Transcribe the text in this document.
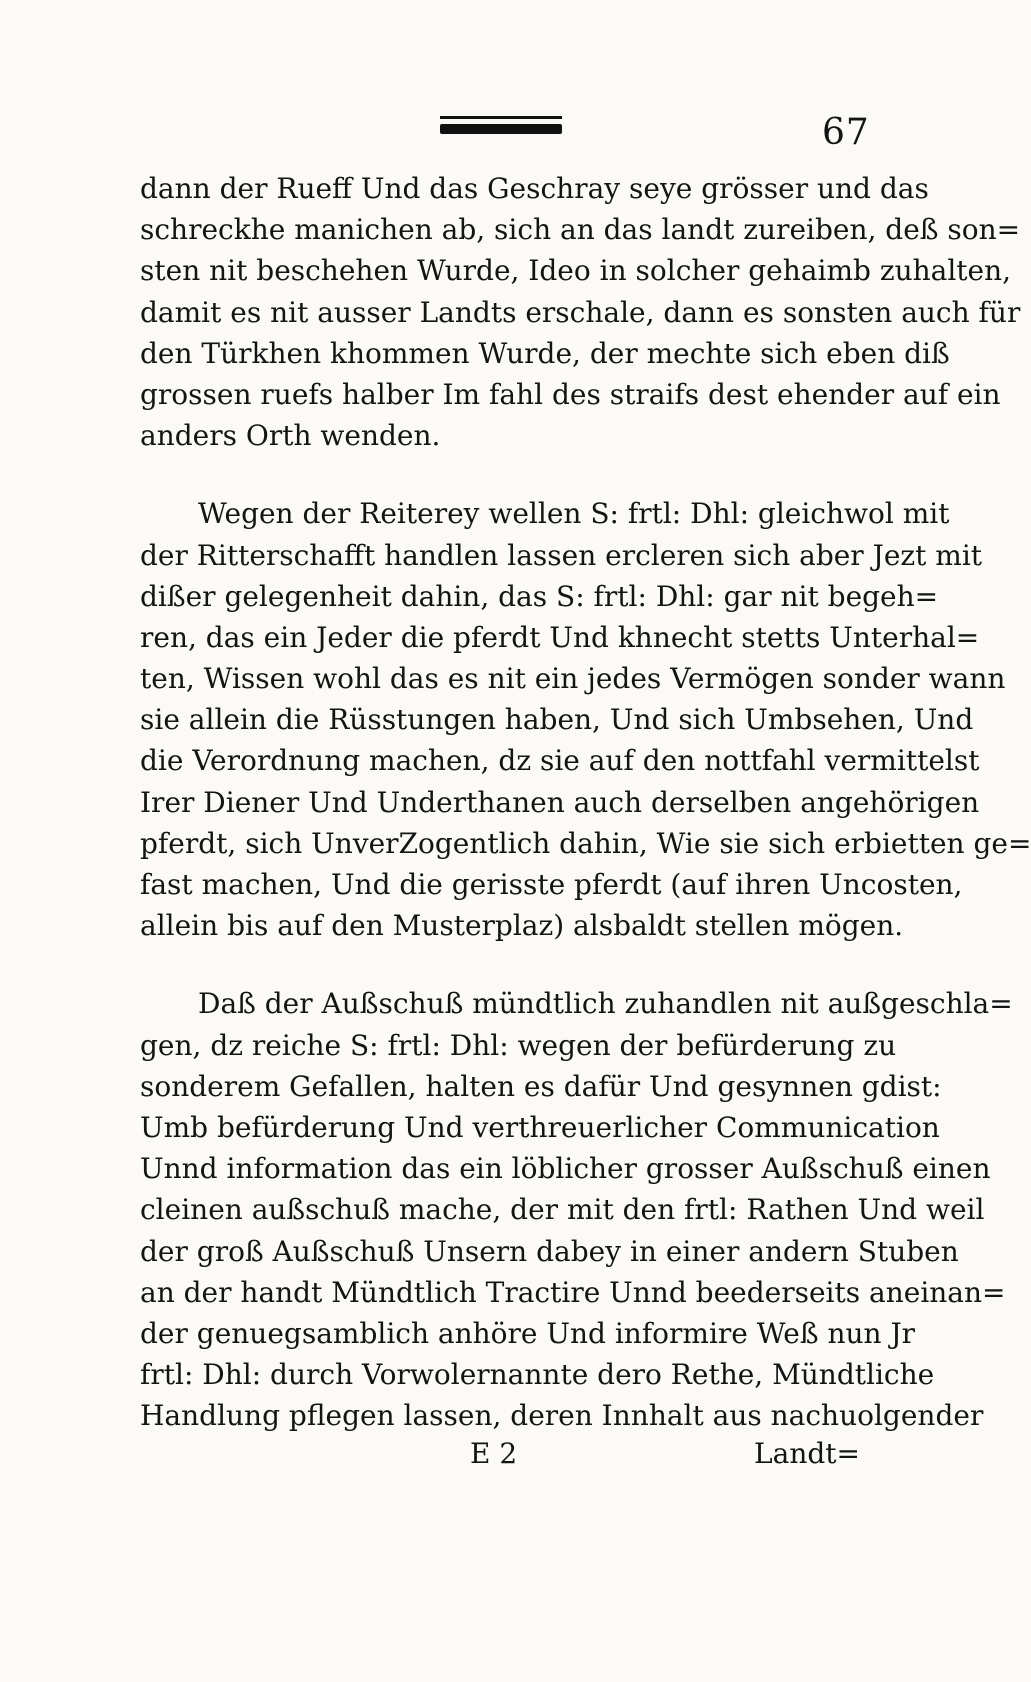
67
dann der Rueff Und das Geschray seye grösser und das
schreckhe manichen ab, sich an das landt zureiben, deß son=
sten nit beschehen Wurde, Ideo in solcher gehaimb zuhalten,
damit es nit ausser Landts erschale, dann es sonsten auch für
den Türkhen khommen Wurde, der mechte sich eben diß
grossen ruefs halber Im fahl des straifs dest ehender auf ein
anders Orth wenden.
Wegen der Reiterey wellen S: frtl: Dhl: gleichwol mit
der Ritterschafft handlen lassen ercleren sich aber Jezt mit
dißer gelegenheit dahin, das S: frtl: Dhl: gar nit begeh=
ren, das ein Jeder die pferdt Und khnecht stetts Unterhal=
ten, Wissen wohl das es nit ein jedes Vermögen sonder wann
sie allein die Rüsstungen haben, Und sich Umbsehen, Und
die Verordnung machen, dz sie auf den nottfahl vermittelst
Irer Diener Und Underthanen auch derselben angehörigen
pferdt, sich UnverZogentlich dahin, Wie sie sich erbietten ge=
fast machen, Und die gerisste pferdt (auf ihren Uncosten,
allein bis auf den Musterplaz) alsbaldt stellen mögen.
Daß der Außschuß mündtlich zuhandlen nit außgeschla=
gen, dz reiche S: frtl: Dhl: wegen der befürderung zu
sonderem Gefallen, halten es dafür Und gesynnen gdist:
Umb befürderung Und verthreuerlicher Communication
Unnd information das ein löblicher grosser Außschuß einen
cleinen außschuß mache, der mit den frtl: Rathen Und weil
der groß Außschuß Unsern dabey in einer andern Stuben
an der handt Mündtlich Tractire Unnd beederseits aneinan=
der genuegsamblich anhöre Und informire Weß nun Jr
frtl: Dhl: durch Vorwolernannte dero Rethe, Mündtliche
Handlung pflegen lassen, deren Innhalt aus nachuolgender
E 2	Landt=
